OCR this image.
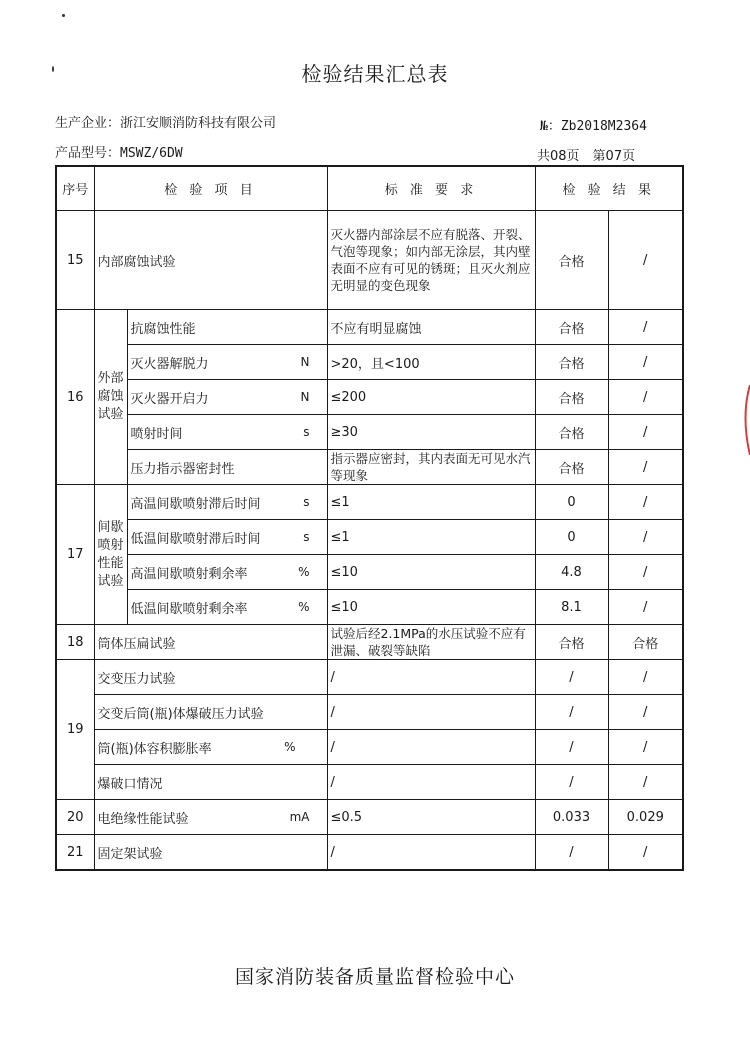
检验结果汇总表
生产企业：浙江安顺消防科技有限公司	№：Zb2018M2364
产品型号：MSWZ/6DW	共08页　第07页
序号	检 验 项 目		标 准 要 求	检 验 结 果	
15	内部腐蚀试验		灭火器内部涂层不应有脱落、开裂、气泡等现象；如内部无涂层，其内壁表面不应有可见的锈斑；且灭火剂应无明显的变色现象	合格	/
16	外部腐蚀试验	抗腐蚀性能	不应有明显腐蚀	合格	/

		灭火器解脱力 N	>20，且<100	合格	/

		灭火器开启力 N	≤200	合格	/

		喷射时间 s	≥30	合格	/

		压力指示器密封性	指示器应密封，其内表面无可见水汽等现象	合格	/
17	间歇喷射性能试验	高温间歇喷射滞后时间 s	≤1	0	/

		低温间歇喷射滞后时间 s	≤1	0	/

		高温间歇喷射剩余率 %	≤10	4.8	/

		低温间歇喷射剩余率 %	≤10	8.1	/
18	筒体压扁试验		试验后经2.1MPa的水压试验不应有泄漏、破裂等缺陷	合格	合格
19	交变压力试验		/	/	/

	交变后筒(瓶)体爆破压力试验		/	/	/

	筒(瓶)体容积膨胀率 %		/	/	/

	爆破口情况		/	/	/
20	电绝缘性能试验 mA		≤0.5	0.033	0.029
21	固定架试验		/	/	/
国家消防装备质量监督检验中心
